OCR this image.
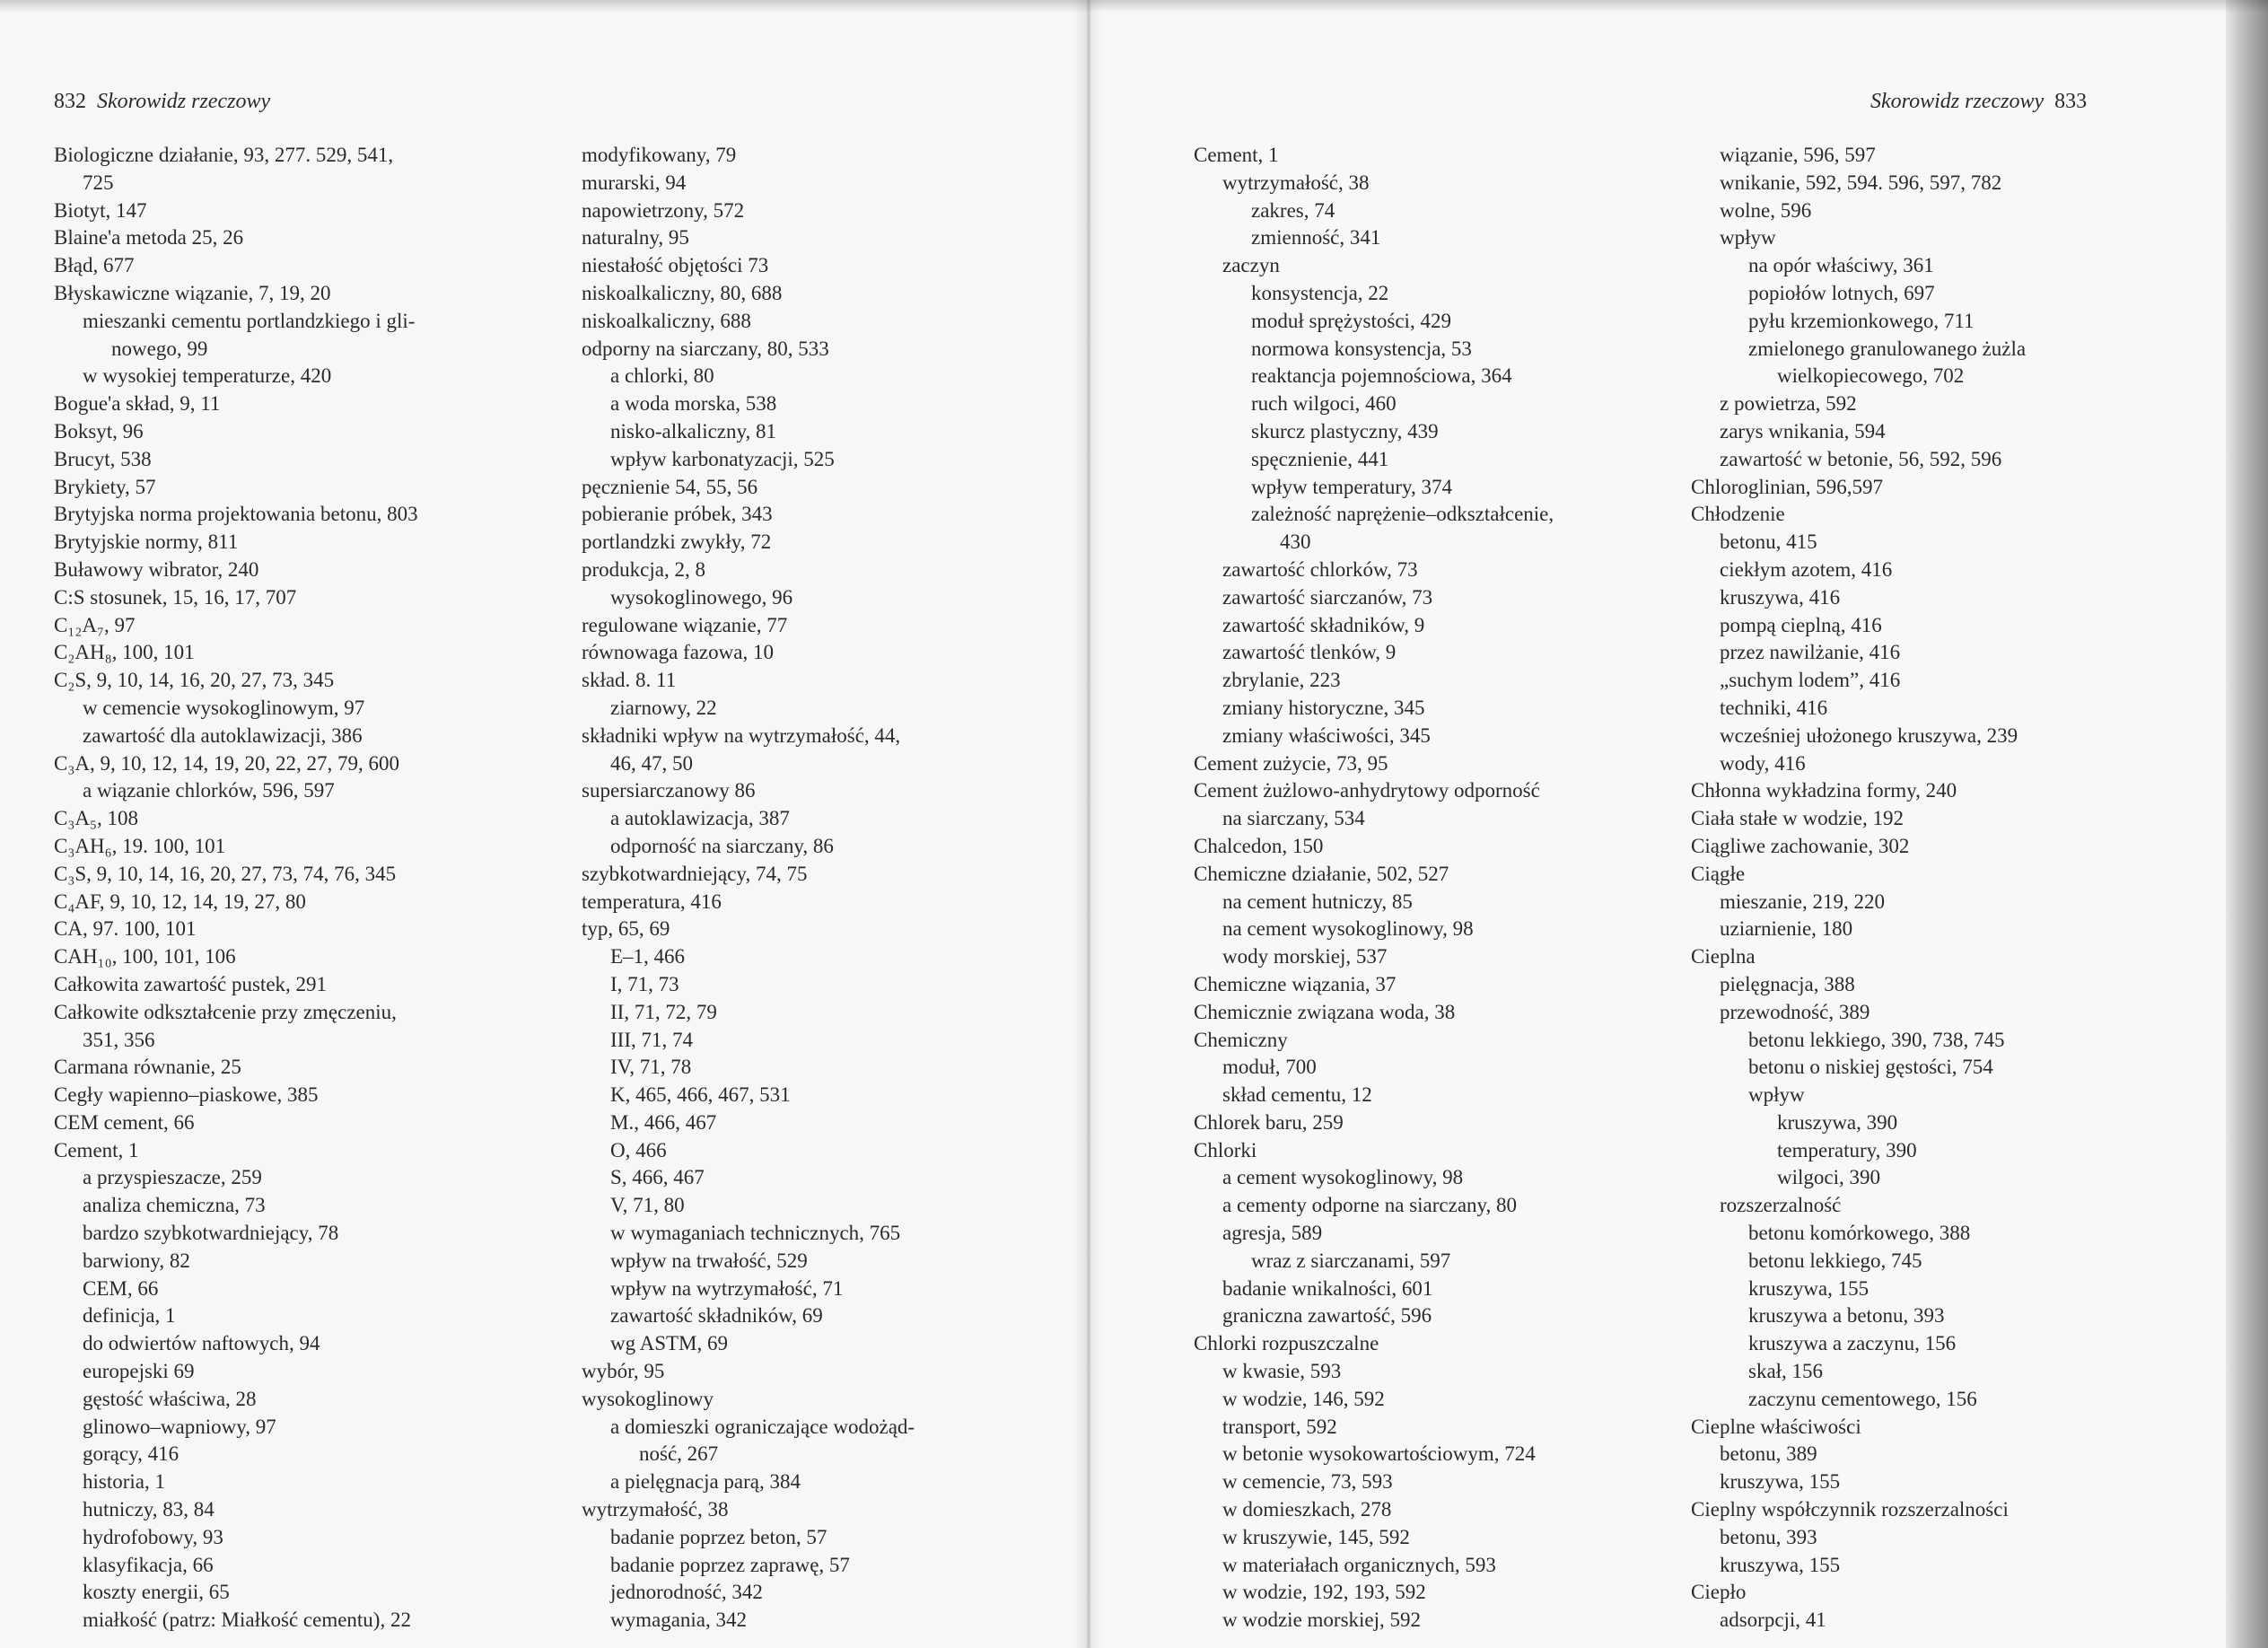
832 Skorowidz rzeczowy
Biologiczne działanie, 93, 277. 529, 541,
725
Biotyt, 147
Blaine'a metoda 25, 26
Błąd, 677
Błyskawiczne wiązanie, 7, 19, 20
mieszanki cementu portlandzkiego i gli-
nowego, 99
w wysokiej temperaturze, 420
Bogue'a skład, 9, 11
Boksyt, 96
Brucyt, 538
Brykiety, 57
Brytyjska norma projektowania betonu, 803
Brytyjskie normy, 811
Buławowy wibrator, 240
C:S stosunek, 15, 16, 17, 707
C₁₂A₇, 97
C₂AH₈, 100, 101
C₂S, 9, 10, 14, 16, 20, 27, 73, 345
w cemencie wysokoglinowym, 97
zawartość dla autoklawizacji, 386
C₃A, 9, 10, 12, 14, 19, 20, 22, 27, 79, 600
a wiązanie chlorków, 596, 597
C₃A₅, 108
C₃AH₆, 19. 100, 101
C₃S, 9, 10, 14, 16, 20, 27, 73, 74, 76, 345
C₄AF, 9, 10, 12, 14, 19, 27, 80
CA, 97. 100, 101
CAH₁₀, 100, 101, 106
Całkowita zawartość pustek, 291
Całkowite odkształcenie przy zmęczeniu,
351, 356
Carmana równanie, 25
Cegły wapienno–piaskowe, 385
CEM cement, 66
Cement, 1
a przyspieszacze, 259
analiza chemiczna, 73
bardzo szybkotwardniejący, 78
barwiony, 82
CEM, 66
definicja, 1
do odwiertów naftowych, 94
europejski 69
gęstość właściwa, 28
glinowo–wapniowy, 97
gorący, 416
historia, 1
hutniczy, 83, 84
hydrofobowy, 93
klasyfikacja, 66
koszty energii, 65
miałkość (patrz: Miałkość cementu), 22
modyfikowany, 79
murarski, 94
napowietrzony, 572
naturalny, 95
niestałość objętości 73
niskoalkaliczny, 80, 688
niskoalkaliczny, 688
odporny na siarczany, 80, 533
a chlorki, 80
a woda morska, 538
nisko-alkaliczny, 81
wpływ karbonatyzacji, 525
pęcznienie 54, 55, 56
pobieranie próbek, 343
portlandzki zwykły, 72
produkcja, 2, 8
wysokoglinowego, 96
regulowane wiązanie, 77
równowaga fazowa, 10
skład. 8. 11
ziarnowy, 22
składniki wpływ na wytrzymałość, 44,
46, 47, 50
supersiarczanowy 86
a autoklawizacja, 387
odporność na siarczany, 86
szybkotwardniejący, 74, 75
temperatura, 416
typ, 65, 69
E–1, 466
I, 71, 73
II, 71, 72, 79
III, 71, 74
IV, 71, 78
K, 465, 466, 467, 531
M., 466, 467
O, 466
S, 466, 467
V, 71, 80
w wymaganiach technicznych, 765
wpływ na trwałość, 529
wpływ na wytrzymałość, 71
zawartość składników, 69
wg ASTM, 69
wybór, 95
wysokoglinowy
a domieszki ograniczające wodożąd-
ność, 267
a pielęgnacja parą, 384
wytrzymałość, 38
badanie poprzez beton, 57
badanie poprzez zaprawę, 57
jednorodność, 342
wymagania, 342
Skorowidz rzeczowy 833
Cement, 1
wytrzymałość, 38
zakres, 74
zmienność, 341
zaczyn
konsystencja, 22
moduł sprężystości, 429
normowa konsystencja, 53
reaktancja pojemnościowa, 364
ruch wilgoci, 460
skurcz plastyczny, 439
spęcznienie, 441
wpływ temperatury, 374
zależność naprężenie–odkształcenie,
430
zawartość chlorków, 73
zawartość siarczanów, 73
zawartość składników, 9
zawartość tlenków, 9
zbrylanie, 223
zmiany historyczne, 345
zmiany właściwości, 345
Cement zużycie, 73, 95
Cement żużlowo-anhydrytowy odporność
na siarczany, 534
Chalcedon, 150
Chemiczne działanie, 502, 527
na cement hutniczy, 85
na cement wysokoglinowy, 98
wody morskiej, 537
Chemiczne wiązania, 37
Chemicznie związana woda, 38
Chemiczny
moduł, 700
skład cementu, 12
Chlorek baru, 259
Chlorki
a cement wysokoglinowy, 98
a cementy odporne na siarczany, 80
agresja, 589
wraz z siarczanami, 597
badanie wnikalności, 601
graniczna zawartość, 596
Chlorki rozpuszczalne
w kwasie, 593
w wodzie, 146, 592
transport, 592
w betonie wysokowartościowym, 724
w cemencie, 73, 593
w domieszkach, 278
w kruszywie, 145, 592
w materiałach organicznych, 593
w wodzie, 192, 193, 592
w wodzie morskiej, 592
wiązanie, 596, 597
wnikanie, 592, 594. 596, 597, 782
wolne, 596
wpływ
na opór właściwy, 361
popiołów lotnych, 697
pyłu krzemionkowego, 711
zmielonego granulowanego żużla
wielkopiecowego, 702
z powietrza, 592
zarys wnikania, 594
zawartość w betonie, 56, 592, 596
Chloroglinian, 596,597
Chłodzenie
betonu, 415
ciekłym azotem, 416
kruszywa, 416
pompą cieplną, 416
przez nawilżanie, 416
„suchym lodem”, 416
techniki, 416
wcześniej ułożonego kruszywa, 239
wody, 416
Chłonna wykładzina formy, 240
Ciała stałe w wodzie, 192
Ciągliwe zachowanie, 302
Ciągłe
mieszanie, 219, 220
uziarnienie, 180
Cieplna
pielęgnacja, 388
przewodność, 389
betonu lekkiego, 390, 738, 745
betonu o niskiej gęstości, 754
wpływ
kruszywa, 390
temperatury, 390
wilgoci, 390
rozszerzalność
betonu komórkowego, 388
betonu lekkiego, 745
kruszywa, 155
kruszywa a betonu, 393
kruszywa a zaczynu, 156
skał, 156
zaczynu cementowego, 156
Cieplne właściwości
betonu, 389
kruszywa, 155
Cieplny współczynnik rozszerzalności
betonu, 393
kruszywa, 155
Ciepło
adsorpcji, 41
